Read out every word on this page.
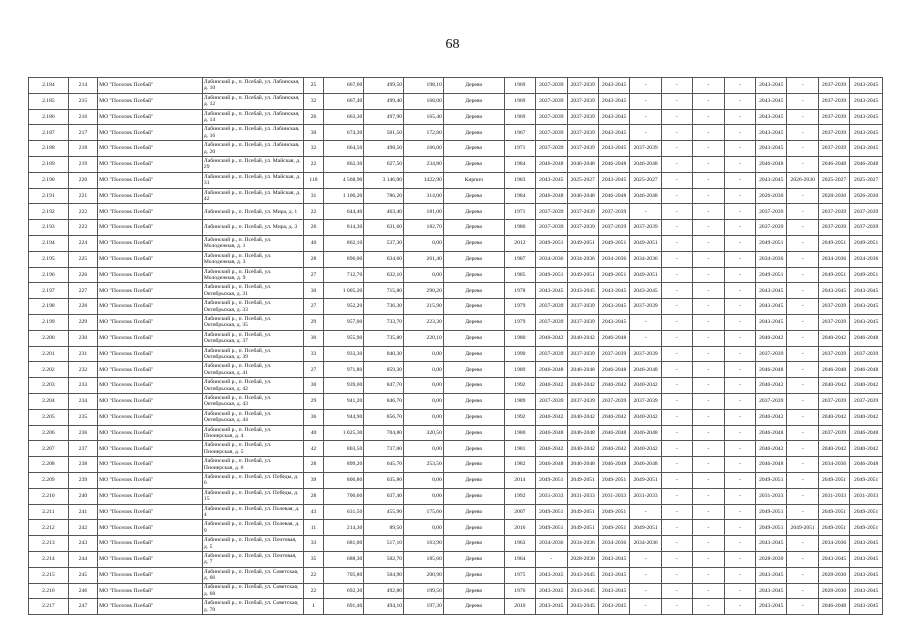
68
2.184	214	МО "Поселок Псебай"	Лабинский р., п. Псебай, ул. Лабинская, д. 10	25	667,60	499,50	198,10	Дерево	1969	2037-2039	2037-2039	2043-2045	-	-	-	-	2043-2045	-	2037-2039	2043-2045
2.185	215	МО "Поселок Псебай"	Лабинский р., п. Псебай, ул. Лабинская, д. 12	32	667,40	499,40	168,00	Дерево	1969	2037-2039	2037-2039	2043-2045	-	-	-	-	2043-2045	-	2037-2039	2043-2045
2.186	216	МО "Поселок Псебай"	Лабинский р., п. Псебай, ул. Лабинская, д. 14	26	663,30	497,90	165,40	Дерево	1969	2037-2039	2037-2039	2043-2045	-	-	-	-	2043-2045	-	2037-2039	2043-2045
2.187	217	МО "Поселок Псебай"	Лабинский р., п. Псебай, ул. Лабинская, д. 16	30	674,30	501,50	172,80	Дерево	1967	2037-2039	2037-2039	2043-2045	-	-	-	-	2043-2045	-	2037-2039	2043-2045
2.188	218	МО "Поселок Псебай"	Лабинский р., п. Псебай, ул. Лабинская, д. 20	32	664,50	498,50	166,00	Дерево	1971	2037-2039	2037-2039	2043-2045	2037-2039	-	-	-	2043-2045	-	2037-2039	2043-2045
2.189	219	МО "Поселок Псебай"	Лабинский р., п. Псебай, ул. Майская, д. 29	22	862,30	627,50	234,80	Дерево	1984	2046-2048	2046-2048	2046-2048	2046-2048	-	-	-	2046-2048	-	2046-2048	2046-2048
2.190	220	МО "Поселок Псебай"	Лабинский р., п. Псебай, ул. Майская, д. 31	118	4 568,90	3 146,00	1422,90	Кирпич	1983	2043-2045	2025-2027	2043-2045	2025-2027	-	-	-	2043-2045	2026-2030	2025-2027	2025-2027
2.191	221	МО "Поселок Псебай"	Лабинский р., п. Псебай, ул. Майская, д. 42	31	1 100,20	786,20	314,00	Дерево	1984	2046-2048	2046-2048	2046-2048	2046-2048	-	-	-	2026-2030	-	2028-2030	2026-2030
2.192	222	МО "Поселок Псебай"	Лабинский р., п. Псебай, ул. Мира, д. 1	22	644,40	463,40	181,00	Дерево	1971	2037-2039	2037-2039	2037-2039	-	-	-	-	2037-2039	-	2037-2039	2037-2039
2.193	223	МО "Поселок Псебай"	Лабинский р., п. Псебай, ул. Мира, д. 3	26	814,30	631,60	182,70	Дерево	1986	2037-2039	2037-2039	2037-2039	2037-2039	-	-	-	2037-2039	-	2037-2039	2037-2039
2.194	224	МО "Поселок Псебай"	Лабинский р., п. Псебай, ул. Молодежная, д. 1	40	862,10	537,30	0,00	Дерево	2012	2049-2051	2049-2051	2049-2051	2049-2051	-	-	-	2049-2051	-	2049-2051	2049-2051
2.195	225	МО "Поселок Псебай"	Лабинский р., п. Псебай, ул. Молодежная, д. 3	28	896,00	634,60	261,40	Дерево	1987	2034-2036	2034-2036	2034-2036	2034-2036	-	-	-	2034-2036	-	2034-2036	2034-2036
2.196	226	МО "Поселок Псебай"	Лабинский р., п. Псебай, ул. Молодежная, д. 9	27	712,70	632,10	0,00	Дерево	1985	2049-2051	2049-2051	2049-2051	2049-2051	-	-	-	2049-2051	-	2049-2051	2049-2051
2.197	227	МО "Поселок Псебай"	Лабинский р., п. Псебай, ул. Октябрьская, д. 31	30	1 005,20	715,80	290,20	Дерево	1978	2043-2045	2043-2045	2043-2045	2043-2045	-	-	-	2043-2045	-	2043-2045	2043-2045
2.198	228	МО "Поселок Псебай"	Лабинский р., п. Псебай, ул. Октябрьская, д. 33	27	952,20	736,30	215,90	Дерево	1979	2037-2039	2037-2039	2043-2045	2037-2039	-	-	-	2043-2045	-	2037-2039	2043-2045
2.199	229	МО "Поселок Псебай"	Лабинский р., п. Псебай, ул. Октябрьская, д. 35	29	957,00	733,70	223,30	Дерево	1979	2037-2039	2037-2039	2043-2045	-	-	-	-	2043-2045	-	2037-2039	2043-2045
2.200	230	МО "Поселок Псебай"	Лабинский р., п. Псебай, ул. Октябрьская, д. 37	30	955,90	735,80	220,10	Дерево	1980	2040-2042	2040-2042	2046-2048	-	-	-	-	2040-2042	-	2040-2042	2046-2048
2.201	231	МО "Поселок Псебай"	Лабинский р., п. Псебай, ул. Октябрьская, д. 39	33	933,30	840,30	0,00	Дерево	1990	2037-2039	2037-2039	2037-2039	2037-2039	-	-	-	2037-2039	-	2037-2039	2037-2039
2.202	232	МО "Поселок Псебай"	Лабинский р., п. Псебай, ул. Октябрьская, д. 41	27	971,80	859,30	0,00	Дерево	1989	2046-2048	2046-2048	2046-2048	2046-2048	-	-	-	2046-2048	-	2046-2048	2046-2048
2.203	233	МО "Поселок Псебай"	Лабинский р., п. Псебай, ул. Октябрьская, д. 42	30	939,00	847,70	0,00	Дерево	1992	2040-2042	2040-2042	2040-2042	2040-2042	-	-	-	2040-2042	-	2040-2042	2040-2042
2.204	234	МО "Поселок Псебай"	Лабинский р., п. Псебай, ул. Октябрьская, д. 43	29	941,20	846,70	0,00	Дерево	1989	2037-2039	2037-2039	2037-2039	2037-2039	-	-	-	2037-2039	-	2037-2039	2037-2039
2.205	235	МО "Поселок Псебай"	Лабинский р., п. Псебай, ул. Октябрьская, д. 44	36	944,90	856,70	0,00	Дерево	1992	2040-2042	2040-2042	2040-2042	2040-2042	-	-	-	2040-2042	-	2040-2042	2040-2042
2.206	236	МО "Поселок Псебай"	Лабинский р., п. Псебай, ул. Пионерская, д. 4	40	1 025,30	704,80	320,50	Дерево	1980	2046-2048	2046-2048	2046-2048	2046-2048	-	-	-	2046-2048	-	2037-2039	2046-2048
2.207	237	МО "Поселок Псебай"	Лабинский р., п. Псебай, ул. Пионерская, д. 5	42	803,50	737,00	0,00	Дерево	1981	2040-2042	2040-2042	2040-2042	2040-2042	-	-	-	2040-2042	-	2040-2042	2040-2042
2.208	238	МО "Поселок Псебай"	Лабинский р., п. Псебай, ул. Пионерская, д. 6	28	899,20	645,70	253,50	Дерево	1982	2046-2048	2046-2048	2046-2048	2046-2048	-	-	-	2046-2048	-	2034-2036	2046-2048
2.209	239	МО "Поселок Псебай"	Лабинский р., п. Псебай, ул. Победы, д. 6	39	806,80	635,80	0,00	Дерево	2014	2049-2051	2049-2051	2049-2051	2049-2051	-	-	-	2049-2051	-	2049-2051	2049-2051
2.210	240	МО "Поселок Псебай"	Лабинский р., п. Псебай, ул. Победы, д. 15	28	706,60	637,40	0,00	Дерево	1992	2031-2033	2031-2033	2031-2033	2031-2033	-	-	-	2031-2033	-	2031-2033	2031-2033
2.211	241	МО "Поселок Псебай"	Лабинский р., п. Псебай, ул. Полевая, д. 4	43	631,50	455,90	175,60	Дерево	2007	2049-2051	2049-2051	2049-2051	-	-	-	-	2049-2051	-	2049-2051	2049-2051
2.212	242	МО "Поселок Псебай"	Лабинский р., п. Псебай, ул. Полевая, д. 9	11	214,30	89,50	0,00	Дерево	2016	2049-2051	2049-2051	2049-2051	2049-2051	-	-	-	2049-2051	2049-2051	2049-2051	2049-2051
2.213	243	МО "Поселок Псебай"	Лабинский р., п. Псебай, ул. Почтовая, д. 5	33	681,00	517,10	163,90	Дерево	1963	2034-2036	2034-2036	2034-2036	2034-2036	-	-	-	2043-2045	-	2034-2036	2043-2045
2.214	244	МО "Поселок Псебай"	Лабинский р., п. Псебай, ул. Почтовая, д. 7	35	688,30	502,70	185,60	Дерево	1964	-	2028-2030	2043-2045	-	-	-	-	2028-2030	-	2043-2045	2043-2045
2.215	245	МО "Поселок Псебай"	Лабинский р., п. Псебай, ул. Советская, д. 66	22	705,80	504,90	200,90	Дерево	1975	2043-2045	2043-2045	2043-2045	-	-	-	-	2043-2045	-	2028-2030	2043-2045
2.216	246	МО "Поселок Псебай"	Лабинский р., п. Псебай, ул. Советская, д. 68	22	692,30	492,80	199,50	Дерево	1976	2043-2045	2043-2045	2043-2045	-	-	-	-	2043-2045	-	2028-2030	2043-2045
2.217	247	МО "Поселок Псебай"	Лабинский р., п. Псебай, ул. Советская, д. 70	1	691,40	494,10	197,30	Дерево	2010	2043-2045	2043-2045	2043-2045	-	-	-	-	2043-2045	-	2046-2048	2043-2045
